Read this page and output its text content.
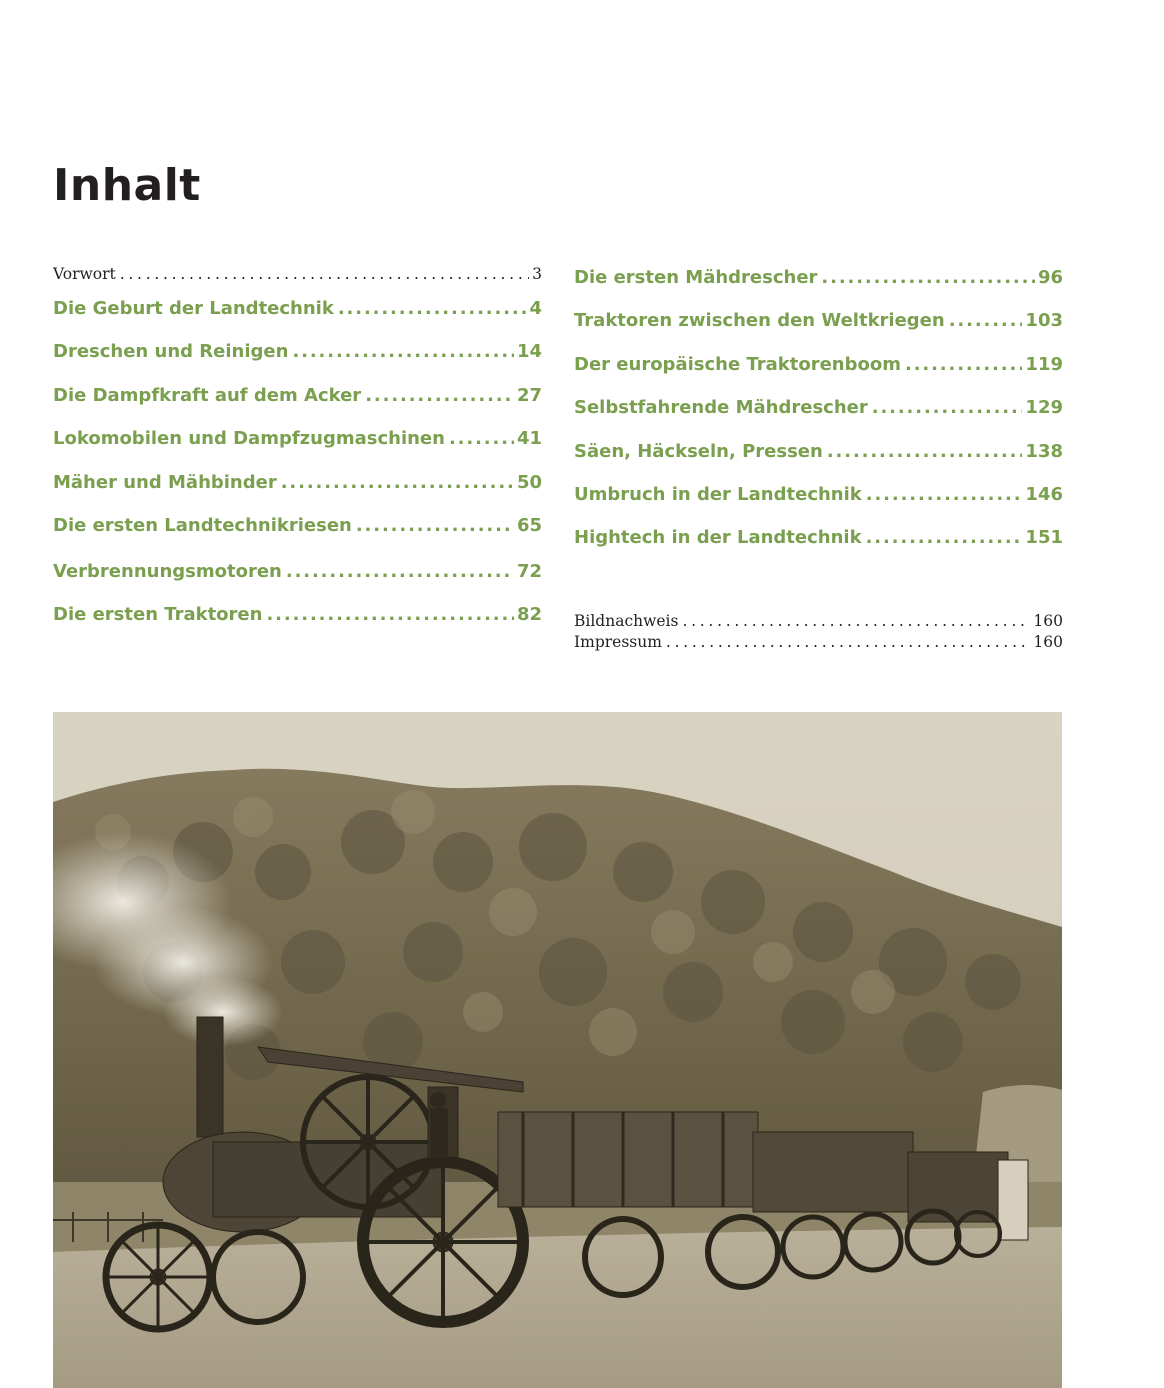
Inhalt
Vorwort . . .	3
Die Geburt der Landtechnik . . .	4
Dreschen und Reinigen . . .	14
Die Dampfkraft auf dem Acker . . .	27
Lokomobilen und Dampfzugmaschinen . . .	41
Mäher und Mähbinder . . .	50
Die ersten Landtechnikriesen . . .	65
Verbrennungsmotoren . . .	72
Die ersten Traktoren . . .	82
Die ersten Mähdrescher . . .	96
Traktoren zwischen den Weltkriegen . . .	103
Der europäische Traktorenboom . . .	119
Selbstfahrende Mähdrescher . . .	129
Säen, Häckseln, Pressen . . .	138
Umbruch in der Landtechnik . . .	146
Hightech in der Landtechnik . . .	151
Bildnachweis . . .	160
Impressum . . .	160
